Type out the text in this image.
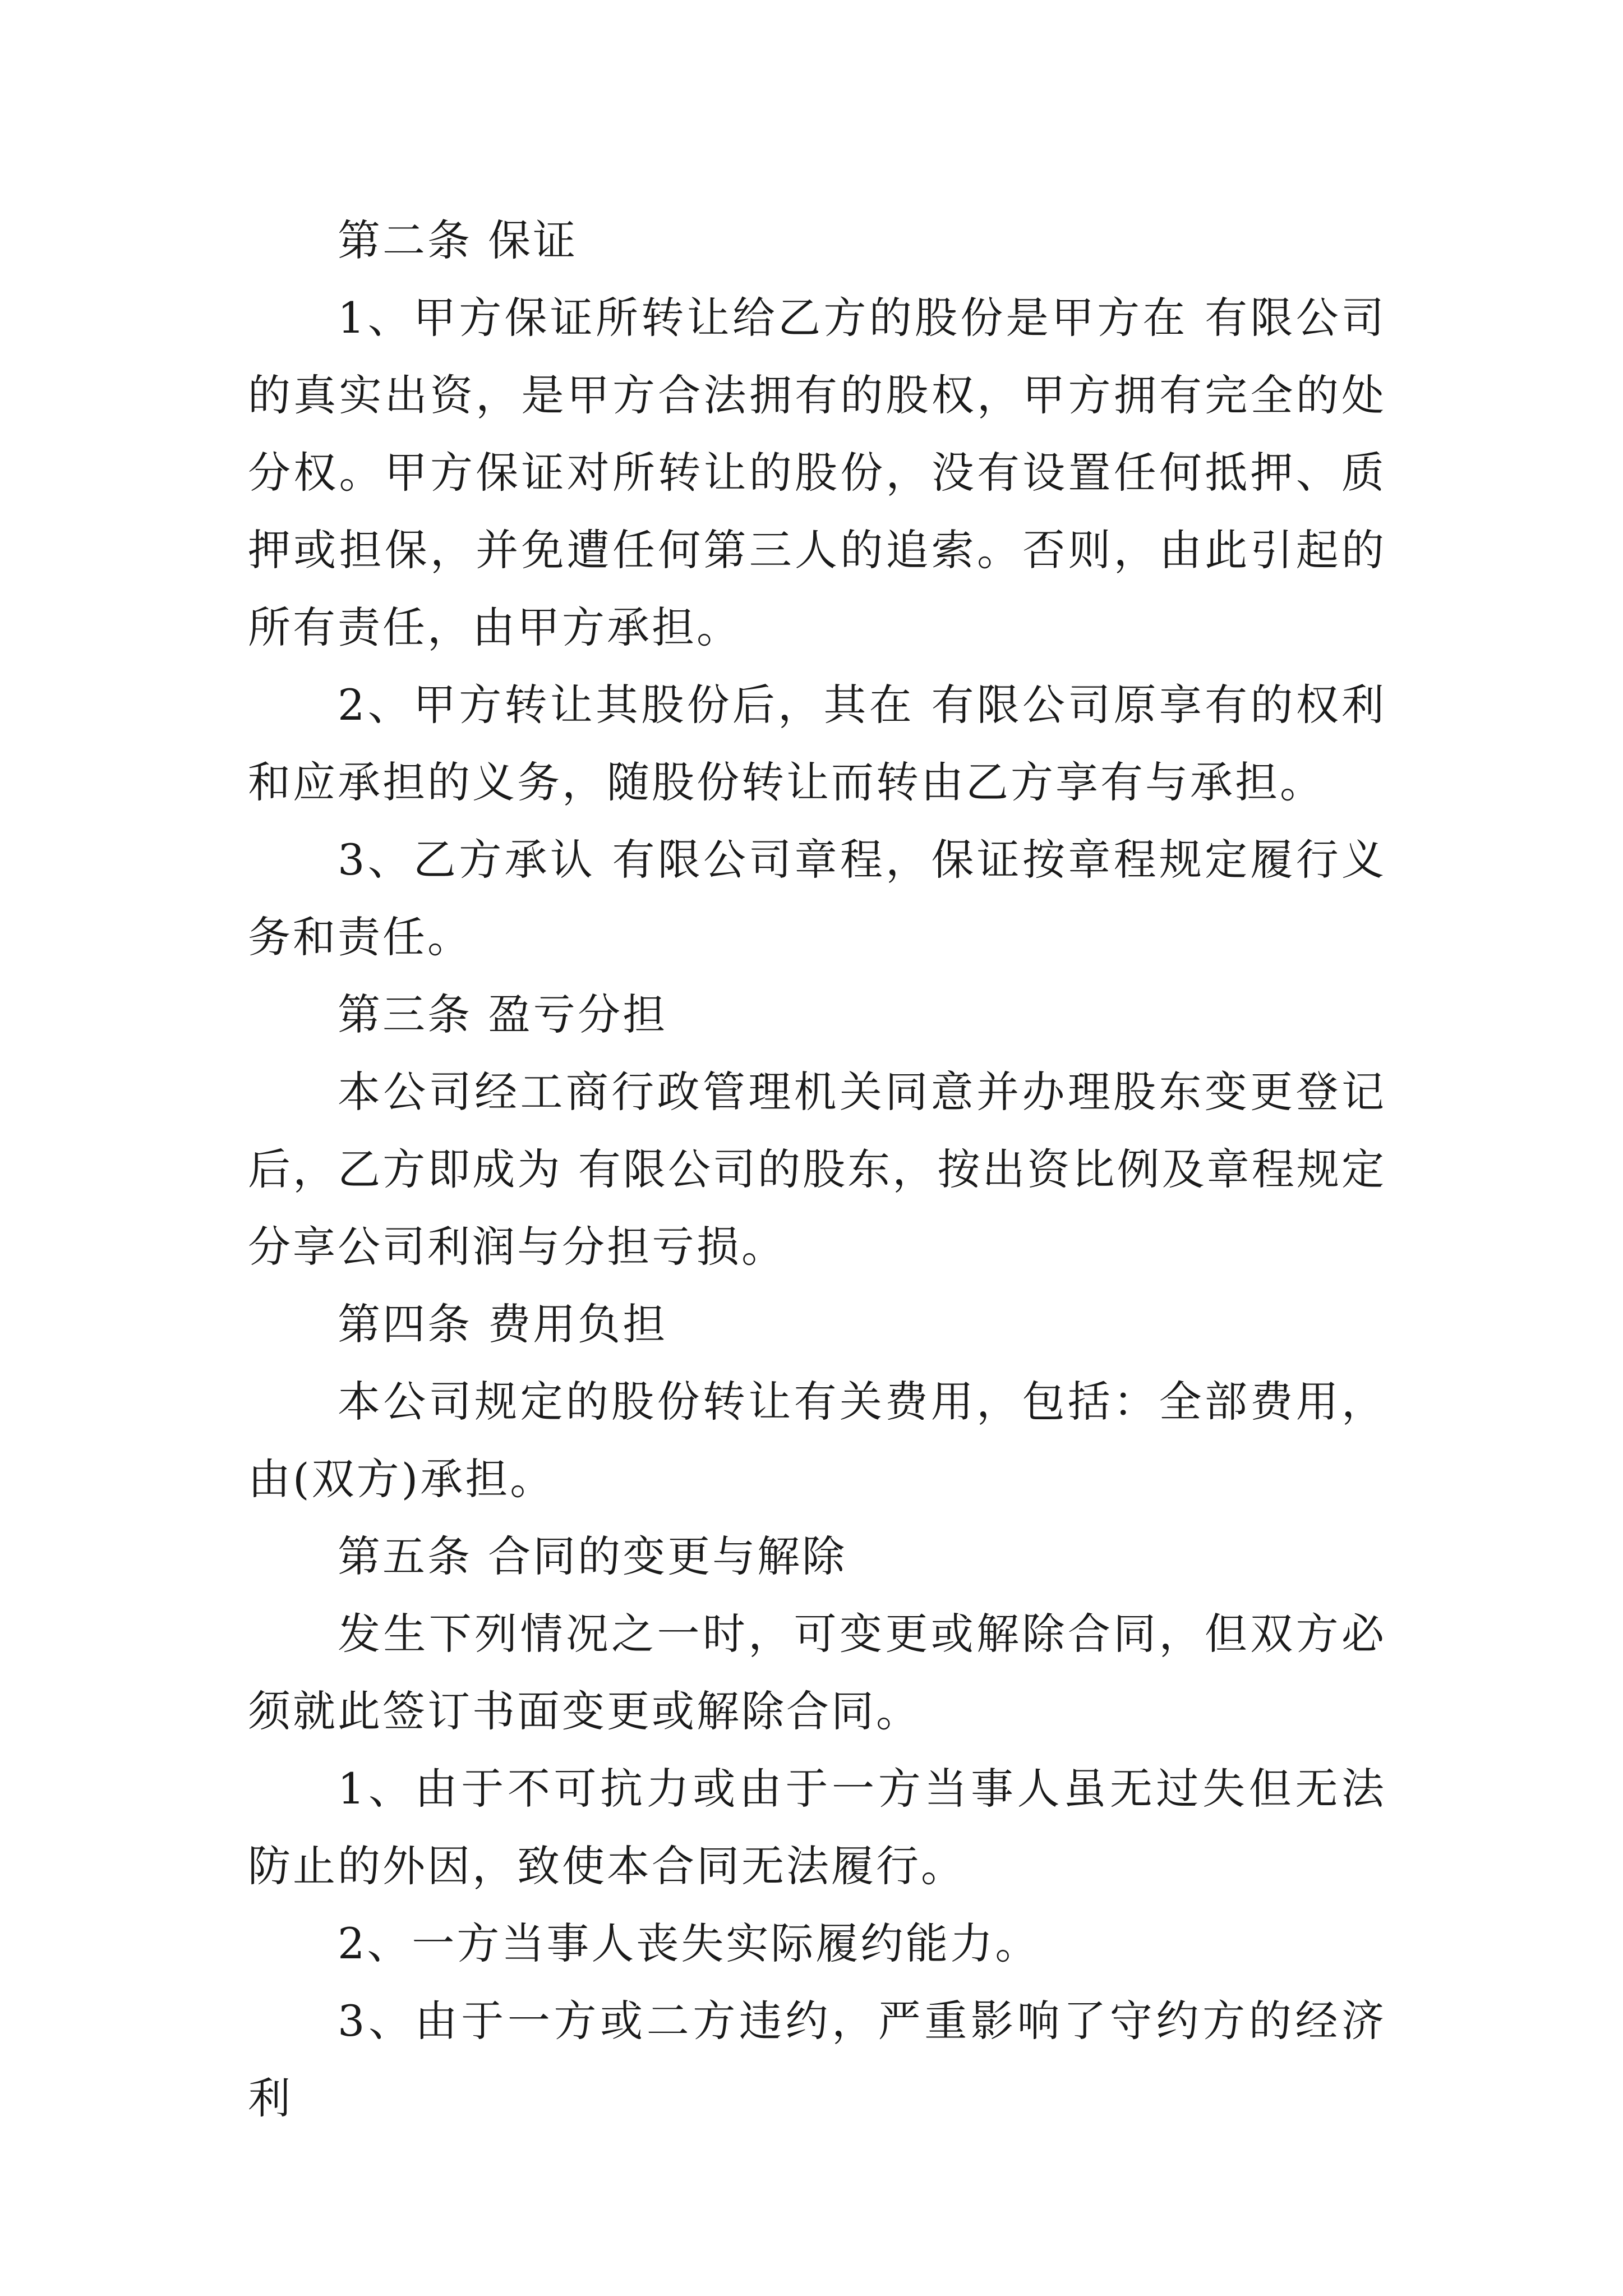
第二条 保证

1、甲方保证所转让给乙方的股份是甲方在 有限公司的真实出资，是甲方合法拥有的股权，甲方拥有完全的处分权。甲方保证对所转让的股份，没有设置任何抵押、质押或担保，并免遭任何第三人的追索。否则，由此引起的所有责任，由甲方承担。

2、甲方转让其股份后，其在 有限公司原享有的权利和应承担的义务，随股份转让而转由乙方享有与承担。

3、乙方承认 有限公司章程，保证按章程规定履行义务和责任。

第三条 盈亏分担

本公司经工商行政管理机关同意并办理股东变更登记后，乙方即成为 有限公司的股东，按出资比例及章程规定分享公司利润与分担亏损。

第四条 费用负担

本公司规定的股份转让有关费用，包括：全部费用，由(双方)承担。

第五条 合同的变更与解除

发生下列情况之一时，可变更或解除合同，但双方必须就此签订书面变更或解除合同。

1、由于不可抗力或由于一方当事人虽无过失但无法防止的外因，致使本合同无法履行。

2、一方当事人丧失实际履约能力。

3、由于一方或二方违约，严重影响了守约方的经济利
